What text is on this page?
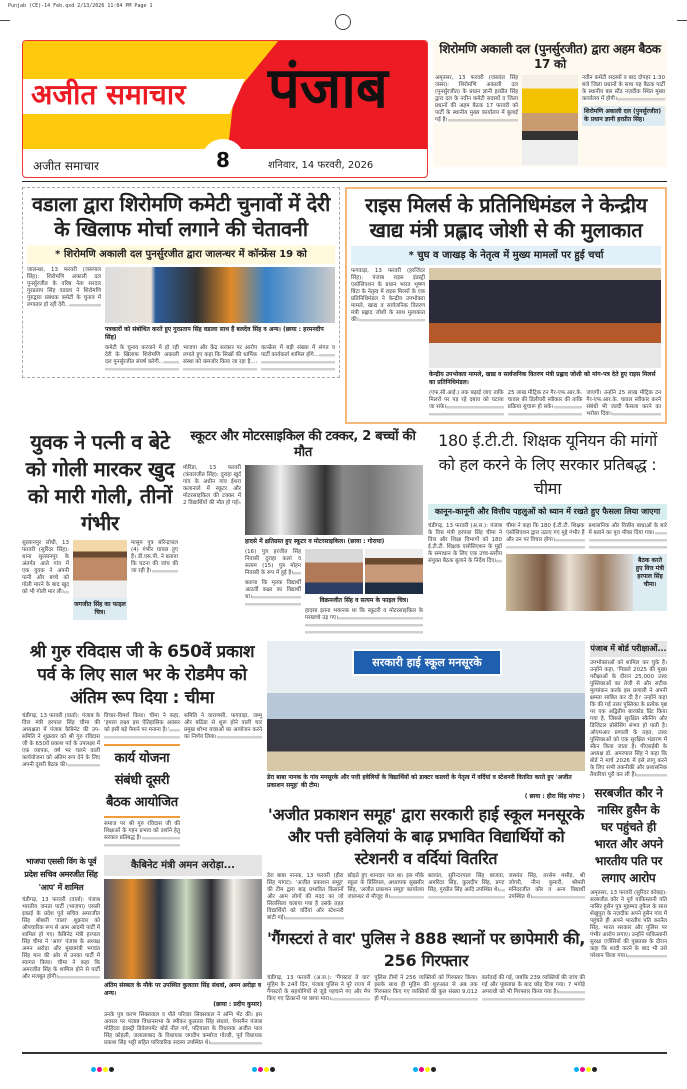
Punjab (CE)-14 Feb.qxd 2/13/2026 11:04 PM Page 1
अजीत समाचार पंजाब
अजीत समाचार	8	शनिवार, 14 फरवरी, 2026
शिरोमणि अकाली दल (पुनर्सुरजीत) द्वारा अहम बैठक 17 को
अमृतसर, 13 फरवरी (जसवंत सिंह जस्स): शिरोमणि अकाली दल (पुनर्सुरजीत) के प्रधान ज्ञानी हरप्रीत सिंह द्वारा दल के नवीन कमेटी सदस्यों व जिला प्रधानों की अहम बैठक 17 फरवरी को पार्टी के स्थानीय मुख्य कार्यालय में बुलाई गई है।
नवीन कमेटी सदस्यों व बाद दोपहर 1:30 बजे जिला प्रधानों के साथ यह बैठक पार्टी के स्थानीय बस स्टैंड नज़दीक स्थित मुख्य कार्यालय में होगी।
शिरोमणि अकाली दल (पुनर्सुरजीत) के प्रधान ज्ञानी हरप्रीत सिंह।
वडाला द्वारा शिरोमणि कमेटी चुनावों में देरी के खिलाफ मोर्चा लगाने की चेतावनी
* शिरोमणि अकाली दल पुनर्सुरजीत द्वारा जालन्धर में कॉन्फ्रेंस 19 को
जालन्धर, 13 फरवरी (जसपाल सिंह): शिरोमणि अकाली दल पुनर्सुरजीत के वरिष्ठ नेता सरदार गुरप्रताप सिंह वडाला ने शिरोमणि गुरुद्वारा प्रबंधक कमेटी के चुनाव में लगातार हो रही देरी...
पत्रकारों को संबोधित करते हुए गुरप्रताप सिंह वडाला साथ हैं बलदेव सिंह व अन्य। (छाया : हरमनदीप सिंह)
कमेटी के चुनाव करवाने में हो रही देरी के खिलाफ शिरोमणि अकाली दल पुनर्सुरजीत संघर्ष करेगी...
भाजपा और केंद्र सरकार पर आरोप लगाते हुए कहा कि सिखों की धार्मिक संस्था को कमजोर किया जा रहा है...
कान्फ्रेंस में बड़ी संख्या में संगत व पार्टी कार्यकर्ता शामिल होंगे...
राइस मिलर्स के प्रतिनिधिमंडल ने केन्द्रीय खाद्य मंत्री प्रह्लाद जोशी से की मुलाकात
* चुघ व जाखड़ के नेतृत्व में मुख्य मामलों पर हुई चर्चा
फगवाड़ा, 13 फरवरी (हरजिंदर सिंह): पंजाब राइस इंडस्ट्री एसोसिएशन के प्रधान भारत भूषण बिंटा के नेतृत्व में राइस मिलरों के एक प्रतिनिधिमंडल ने केन्द्रीय उपभोक्ता मामले, खाद्य व सार्वजनिक वितरण मंत्री प्रह्लाद जोशी के साथ मुलाकात की।
केन्द्रीय उपभोक्ता मामले, खाद्य व सार्वजनिक वितरण मंत्री प्रह्लाद जोशी को मांग-पत्र देते हुए राइस मिलर्स का प्रतिनिधिमंडल।
(एफ.सी.आई.) तक बढ़ाई जाए ताकि मिलरों पर पड़ रहे दबाव को घटाया जा सके।
25 लाख मीट्रिक टन गैर-एफ.आर.के. चावल की डिलीवरी स्वीकार की ताकि प्रक्रिया सुचारू हो सके।
जाएगी। उन्होंने 25 लाख मीट्रिक टन गैर-एफ.आर.के. चावल स्वीकार करने संबंधी भी जल्दी फैसला करने का भरोसा दिया।
युवक ने पत्नी व बेटे को गोली मारकर खुद को मारी गोली, तीनों गंभीर
सुल्तानपुर लोधी, 13 फरवरी (सुरिंदर सिंह): थाना सुल्तानपुर के अंतर्गत आते गांव में एक युवक ने अपनी पत्नी और बच्चे को गोली मारने के बाद खुद को भी गोली मार ली।
जगजीत सिंह का फाइल चित्र।
मासूम पुत्र बरिन्द्रपाल (4) गंभीर घायल हुए हैं। डी.एस.पी. ने बताया कि घटना की जांच की जा रही है।
स्कूटर और मोटरसाइकिल की टक्कर, 2 बच्चों की मौत
मोरिंडा, 13 फरवरी (कंवलजीत सिंह): दुराहा खुर्द गांव के अधीन गांव ईशरा कलानाले में स्कूटर और मोटरसाइकिल की टक्कर में 2 विद्यार्थियों की मौत हो गई।
हादसे में क्षतिग्रस्त हुए स्कूटर व मोटरसाइकिल। (छाया : गोराया)
(16) पुत्र हरजीत सिंह निवासी दुराहा कलां व सत्यम (15) पुत्र मोहन निवासी के रूप में हुई है।
बताया कि मृतक विद्यार्थी आठवीं कक्षा का विद्यार्थी था।	विक्रमजीत सिंह व सत्यम के फाइल चित्र।
हादसा इतना भयानक था कि स्कूटरी व मोटरसाइकिल के परखच्चे उड़ गए।
180 ई.टी.टी. शिक्षक यूनियन की मांगों को हल करने के लिए सरकार प्रतिबद्ध : चीमा
कानून-कानूनी और वित्तीय पहलुओं को ध्यान में रखते हुए फैसला लिया जाएगा
चंडीगढ़, 13 फरवरी (अ.स.): पंजाब के वित्त मंत्री हरपाल सिंह चीमा ने वित्त और शिक्षा विभागों को 180 ई.टी.टी. शिक्षक एसोसिएशन के मुद्दों के समाधान के लिए एक उच्च-स्तरीय संयुक्त बैठक बुलाने के निर्देश दिए।
चीमा ने कहा कि 180 ई.टी.टी. शिक्षक एसोसिएशन द्वारा उठाए गए मुद्दे गंभीर हैं और उन पर विचार होगा।
प्रशासनिक और वित्तीय बाधाओं के बारे में बताने का पूरा मौका दिया गया।
बैठक करते हुए वित्त मंत्री हरपाल सिंह चीमा।
श्री गुरु रविदास जी के 650वें प्रकाश पर्व के लिए साल भर के रोडमैप को अंतिम रूप दिया : चीमा
चंडीगढ़, 13 फरवरी (वार्ता): पंजाब के वित्त मंत्री हरपाल सिंह चीमा की अध्यक्षता में पंजाब कैबिनेट की उप-समिति ने शुक्रवार को श्री गुरु रविदास जी के 650वें प्रकाश पर्व के उपलक्ष्य में एक व्यापक, वर्ष भर चलने वाली कार्ययोजना को अंतिम रूप देने के लिए अपनी दूसरी बैठक की।
विचार-विमर्श किया। चीमा ने कहा, 'हमारा लक्ष्य इस ऐतिहासिक अवसर को इसी बड़े पैमाने पर मनाना है।'
कार्य योजना संबंधी दूसरी बैठक आयोजित
समाज पर श्री गुरु रविदास जी की शिक्षाओं के गहन प्रभाव को दर्शाने हेतु सरकार प्रतिबद्ध है।
समिति ने वाराणसी, फगवाड़ा, जम्मू और बठिंडा से शुरू होने वाली चार प्रमुख शोभा यात्राओं का आयोजन करने का निर्णय लिया।
भाजपा एससी विंग के पूर्व प्रदेश सचिव अमरजीत सिंह 'आप' में शामिल
चंडीगढ़, 13 फरवरी (वार्ता): पंजाब भारतीय जनता पार्टी (भाजपा) एससी इकाई के प्रदेश पूर्व सचिव अमरजीत सिंह बोबारी 'वाला' शुक्रवार को औपचारिक रूप से आम आदमी पार्टी में शामिल हो गए। कैबिनेट मंत्री हरपाल सिंह चीमा ने 'आप' पंजाब के अध्यक्ष अमन अरोड़ा और मुख्यमंत्री भगवंत सिंह मान की ओर से उनका पार्टी में स्वागत किया। चीमा ने कहा कि अमरजीत सिंह के शामिल होने से पार्टी और मजबूत होगी।
कैबिनेट मंत्री अमन अरोड़ा...
अंतिम संस्कार के मौके पर उपस्थित कुलतार सिंह संधवां, अमन अरोड़ा व अन्य।
(छाया : प्रदीप कुमार)
उनके पुत्र करण सिक्सवाल व पौते परिवार सिक्सवाल ने अग्नि भेंट की। इस अवसर पर पंजाब विधानसभा के स्पीकर कुलतार सिंह संधवां, चेयरमैन पंजाब मोहिंदरा इंडस्ट्री डिवेलपमेंट बोर्ड नील गर्ग, पटियाला के विधायक अजीत पाल सिंह कोहली, जलालाबाद के विधायक जगदीप कम्बोज गोल्डी, पूर्व विधायक प्रकाश सिंह भट्टी सहित पारिवारिक सदस्य उपस्थित थे।
सरकारी हाई स्कूल मनसूरके
डेरा बाबा नानक के गांव मनसूरके और पत्ती हवेलियों के विद्यार्थियों को डाक्टर कालरों के नेतृत्व में वर्दियां व स्टेशनरी वितरित करते हुए 'अजीत प्रकाशन समूह' की टीम।
( छाया : हीरा सिंह मांगट )
'अजीत प्रकाशन समूह' द्वारा सरकारी हाई स्कूल मनसूरके और पत्ती हवेलियां के बाढ़ प्रभावित विद्यार्थियों को स्टेशनरी व वर्दियां वितरित
डेरा बाबा नानक, 13 फरवरी (हीरा सिंह मांगट): 'अजीत प्रकाशन समूह' की टीम द्वारा बाढ़ प्रभावित किसानों और आम लोगों की मदद का जो सिलसिला चलाया गया है उसके तहत विद्यार्थियों को वर्दियां और स्टेशनरी बांटी गई।
छोड़ते हुए शानदार पल था। इस मौके स्कूल के प्रिंसिपल, अध्यापक सुखबीर सिंह, 'अजीत प्रकाशन समूह' कार्यालय जालन्धर से मौजूद थे।
बलवंत, सुरिन्दरपाल सिंह बाजवा, अमरिंदर सिंह, कुलदीप सिंह, प्रगट सिंह, गुरप्रीत सिंह आदि उपस्थित थे।
जसवंत सिंह, तरसेम मसीह, श्री जोगरी, नीना कुमारी, श्रीमती मनिंदरजीत कौर व अन्य विद्यार्थी उपस्थित थे।
'गैंगस्टरां ते वार' पुलिस ने 888 स्थानों पर छापेमारी की, 256 गिरफ्तार
चंडीगढ़, 13 फरवरी (अ.स.): 'गैंगस्टरां ते वार' मुहिम के 24वें दिन, पंजाब पुलिस ने पूरे राज्य में गैंगस्टरों के सहयोगियों से जुड़े पहचाने गए और मैप किए गए ठिकानों पर छापा मारा।
पुलिस टीमों ने 256 व्यक्तियों को गिरफ्तार किया। इसके साथ ही मुहिम की शुरुआत से अब तक गिरफ्तार किए गए व्यक्तियों की कुल संख्या 9,012 हो गई।
कार्रवाई की गई, जबकि 239 व्यक्तियों की जांच की गई और पूछताछ के बाद छोड़ दिया गया। 7 भगोड़े अपराधी को भी गिरफ्तार किया गया है।
पंजाब में बोर्ड परीक्षाओं...
उपभोक्ताओं को शामिल कर चुके हैं। उन्होंने कहा, 'पिछले 2025 की मुख्य परीक्षाओं के दौरान 25,000 उत्तर पुस्तिकाओं का तेजी से और सटीक मूल्यांकन करके इस प्रणाली ने अपनी क्षमता साबित कर दी है।' उन्होंने कहा कि की गई उत्तर पुस्तिका के प्रत्येक पृष्ठ पर एक अद्वितीय बारकोड प्रिंट किया गया है, जिससे सुरक्षित स्कैनिंग और डिजिटल प्रोसेसिंग संभव हो पाती है। ओएमआर प्रणाली के तहत, उत्तर पुस्तिकाओं को एक सुरक्षित भंडारण में स्कैन किया जाता है। पीएसईबी के अध्यक्ष डॉ. अमरपाल सिंह ने कहा कि बोर्ड ने मार्च 2026 में इसे लागू करने के लिए सभी तकनीकी और प्रशासनिक तैयारियां पूरी कर ली हैं।
सरबजीत कौर ने नासिर हुसैन के घर पहुंचते ही भारत और अपने भारतीय पति पर लगाए आरोप
अमृतसर, 13 फरवरी (सुरिंदर कोछड़): सरबजीत कौर ने पूर्व पाकिस्तानी पति नासिर हुसैन पुत्र मुहम्मद तुफैल के साथ शेखुपुरा के नज़दीक अपने हुसैन गांव में पहुंचते ही अपने भारतीय पति करनैल सिंह, भारत सरकार और पुलिस पर गंभीर आरोप लगाए। उन्होंने पाकिस्तानी सुरक्षा एजेंसियों की पूछताछ के दौरान कहा कि शादी करने के बाद भी उसे परेशान किया गया।
